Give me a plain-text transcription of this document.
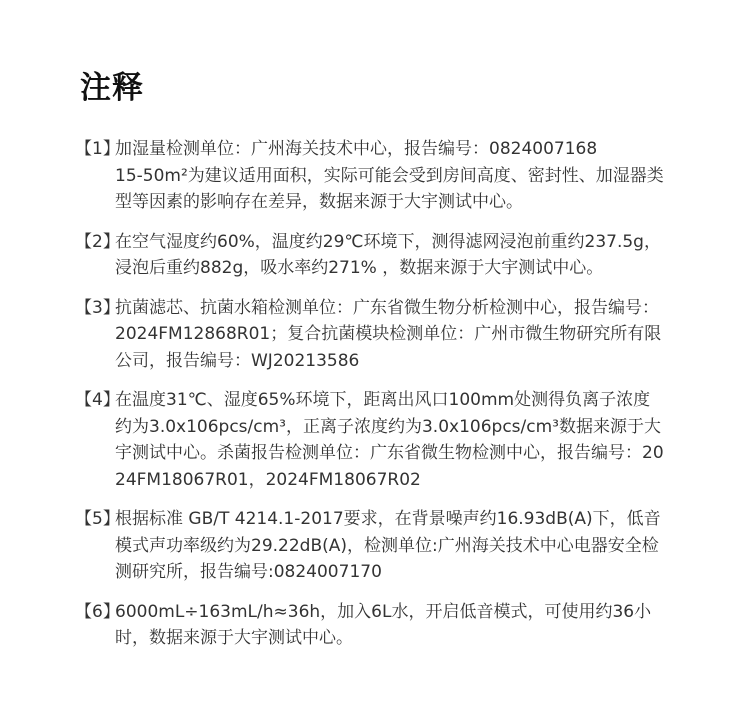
注释
【1】
加湿量检测单位：广州海关技术中心，报告编号：0824007168
15-50m²为建议适用面积，实际可能会受到房间高度、密封性、加湿器类型等因素的影响存在差异，数据来源于大宇测试中心。
【2】
在空气湿度约60%，温度约29℃环境下，测得滤网浸泡前重约237.5g，浸泡后重约882g，吸水率约271% ，数据来源于大宇测试中心。
【3】
抗菌滤芯、抗菌水箱检测单位：广东省微生物分析检测中心，报告编号：2024FM12868R01；复合抗菌模块检测单位：广州市微生物研究所有限公司，报告编号：WJ20213586
【4】
在温度31℃、湿度65%环境下，距离出风口100mm处测得负离子浓度约为3.0x106pcs/cm³，正离子浓度约为3.0x106pcs/cm³数据来源于大宇测试中心。杀菌报告检测单位：广东省微生物检测中心，报告编号：2024FM18067R01，2024FM18067R02
【5】
根据标准 GB/T 4214.1-2017要求，在背景噪声约16.93dB(A)下，低音模式声功率级约为29.22dB(A)，检测单位:广州海关技术中心电器安全检测研究所，报告编号:0824007170
【6】
6000mL÷163mL/h≈36h，加入6L水，开启低音模式，可使用约36小时，数据来源于大宇测试中心。
